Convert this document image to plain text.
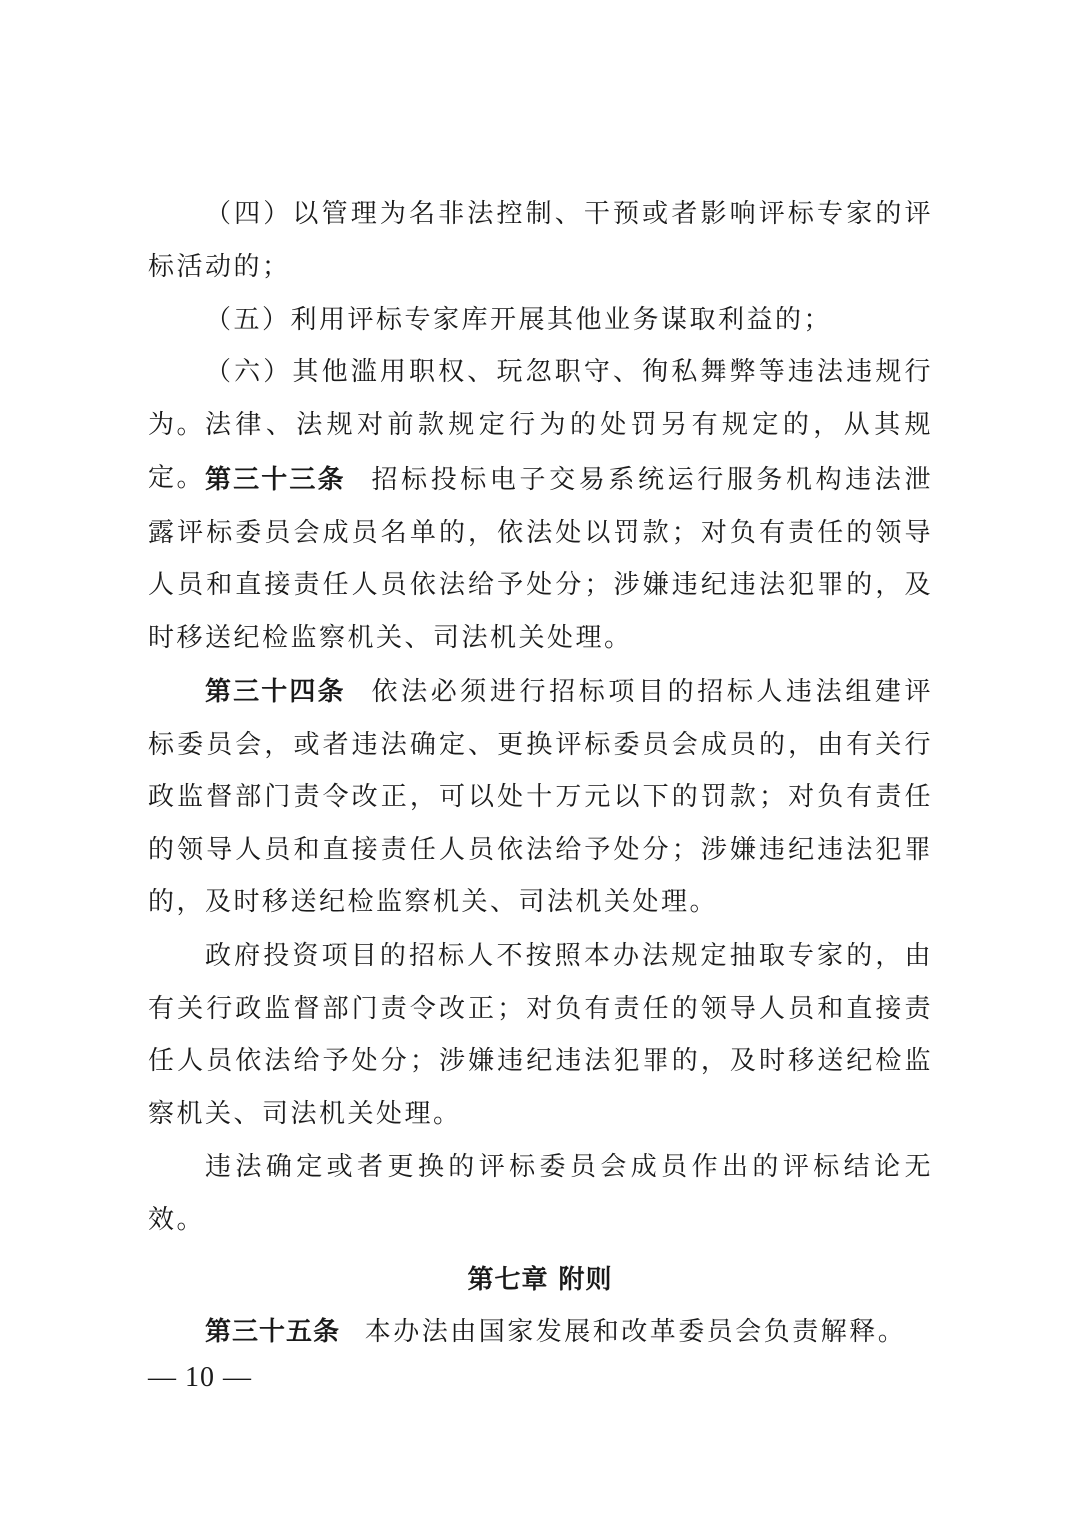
（四）以管理为名非法控制、干预或者影响评标专家的评标活动的；

（五）利用评标专家库开展其他业务谋取利益的；

（六）其他滥用职权、玩忽职守、徇私舞弊等违法违规行为。 法律、法规对前款规定行为的处罚另有规定的，从其规定。 第三十三条  招标投标电子交易系统运行服务机构违法泄露评标委员会成员名单的，依法处以罚款；对负有责任的领导人员和直接责任人员依法给予处分；涉嫌违纪违法犯罪的，及时移送纪检监察机关、司法机关处理。

第三十四条  依法必须进行招标项目的招标人违法组建评标委员会，或者违法确定、更换评标委员会成员的，由有关行政监督部门责令改正，可以处十万元以下的罚款；对负有责任的领导人员和直接责任人员依法给予处分；涉嫌违纪违法犯罪的，及时移送纪检监察机关、司法机关处理。

政府投资项目的招标人不按照本办法规定抽取专家的，由有关行政监督部门责令改正；对负有责任的领导人员和直接责任人员依法给予处分；涉嫌违纪违法犯罪的，及时移送纪检监察机关、司法机关处理。

违法确定或者更换的评标委员会成员作出的评标结论无效。

第七章 附则

第三十五条  本办法由国家发展和改革委员会负责解释。

— 10 —
